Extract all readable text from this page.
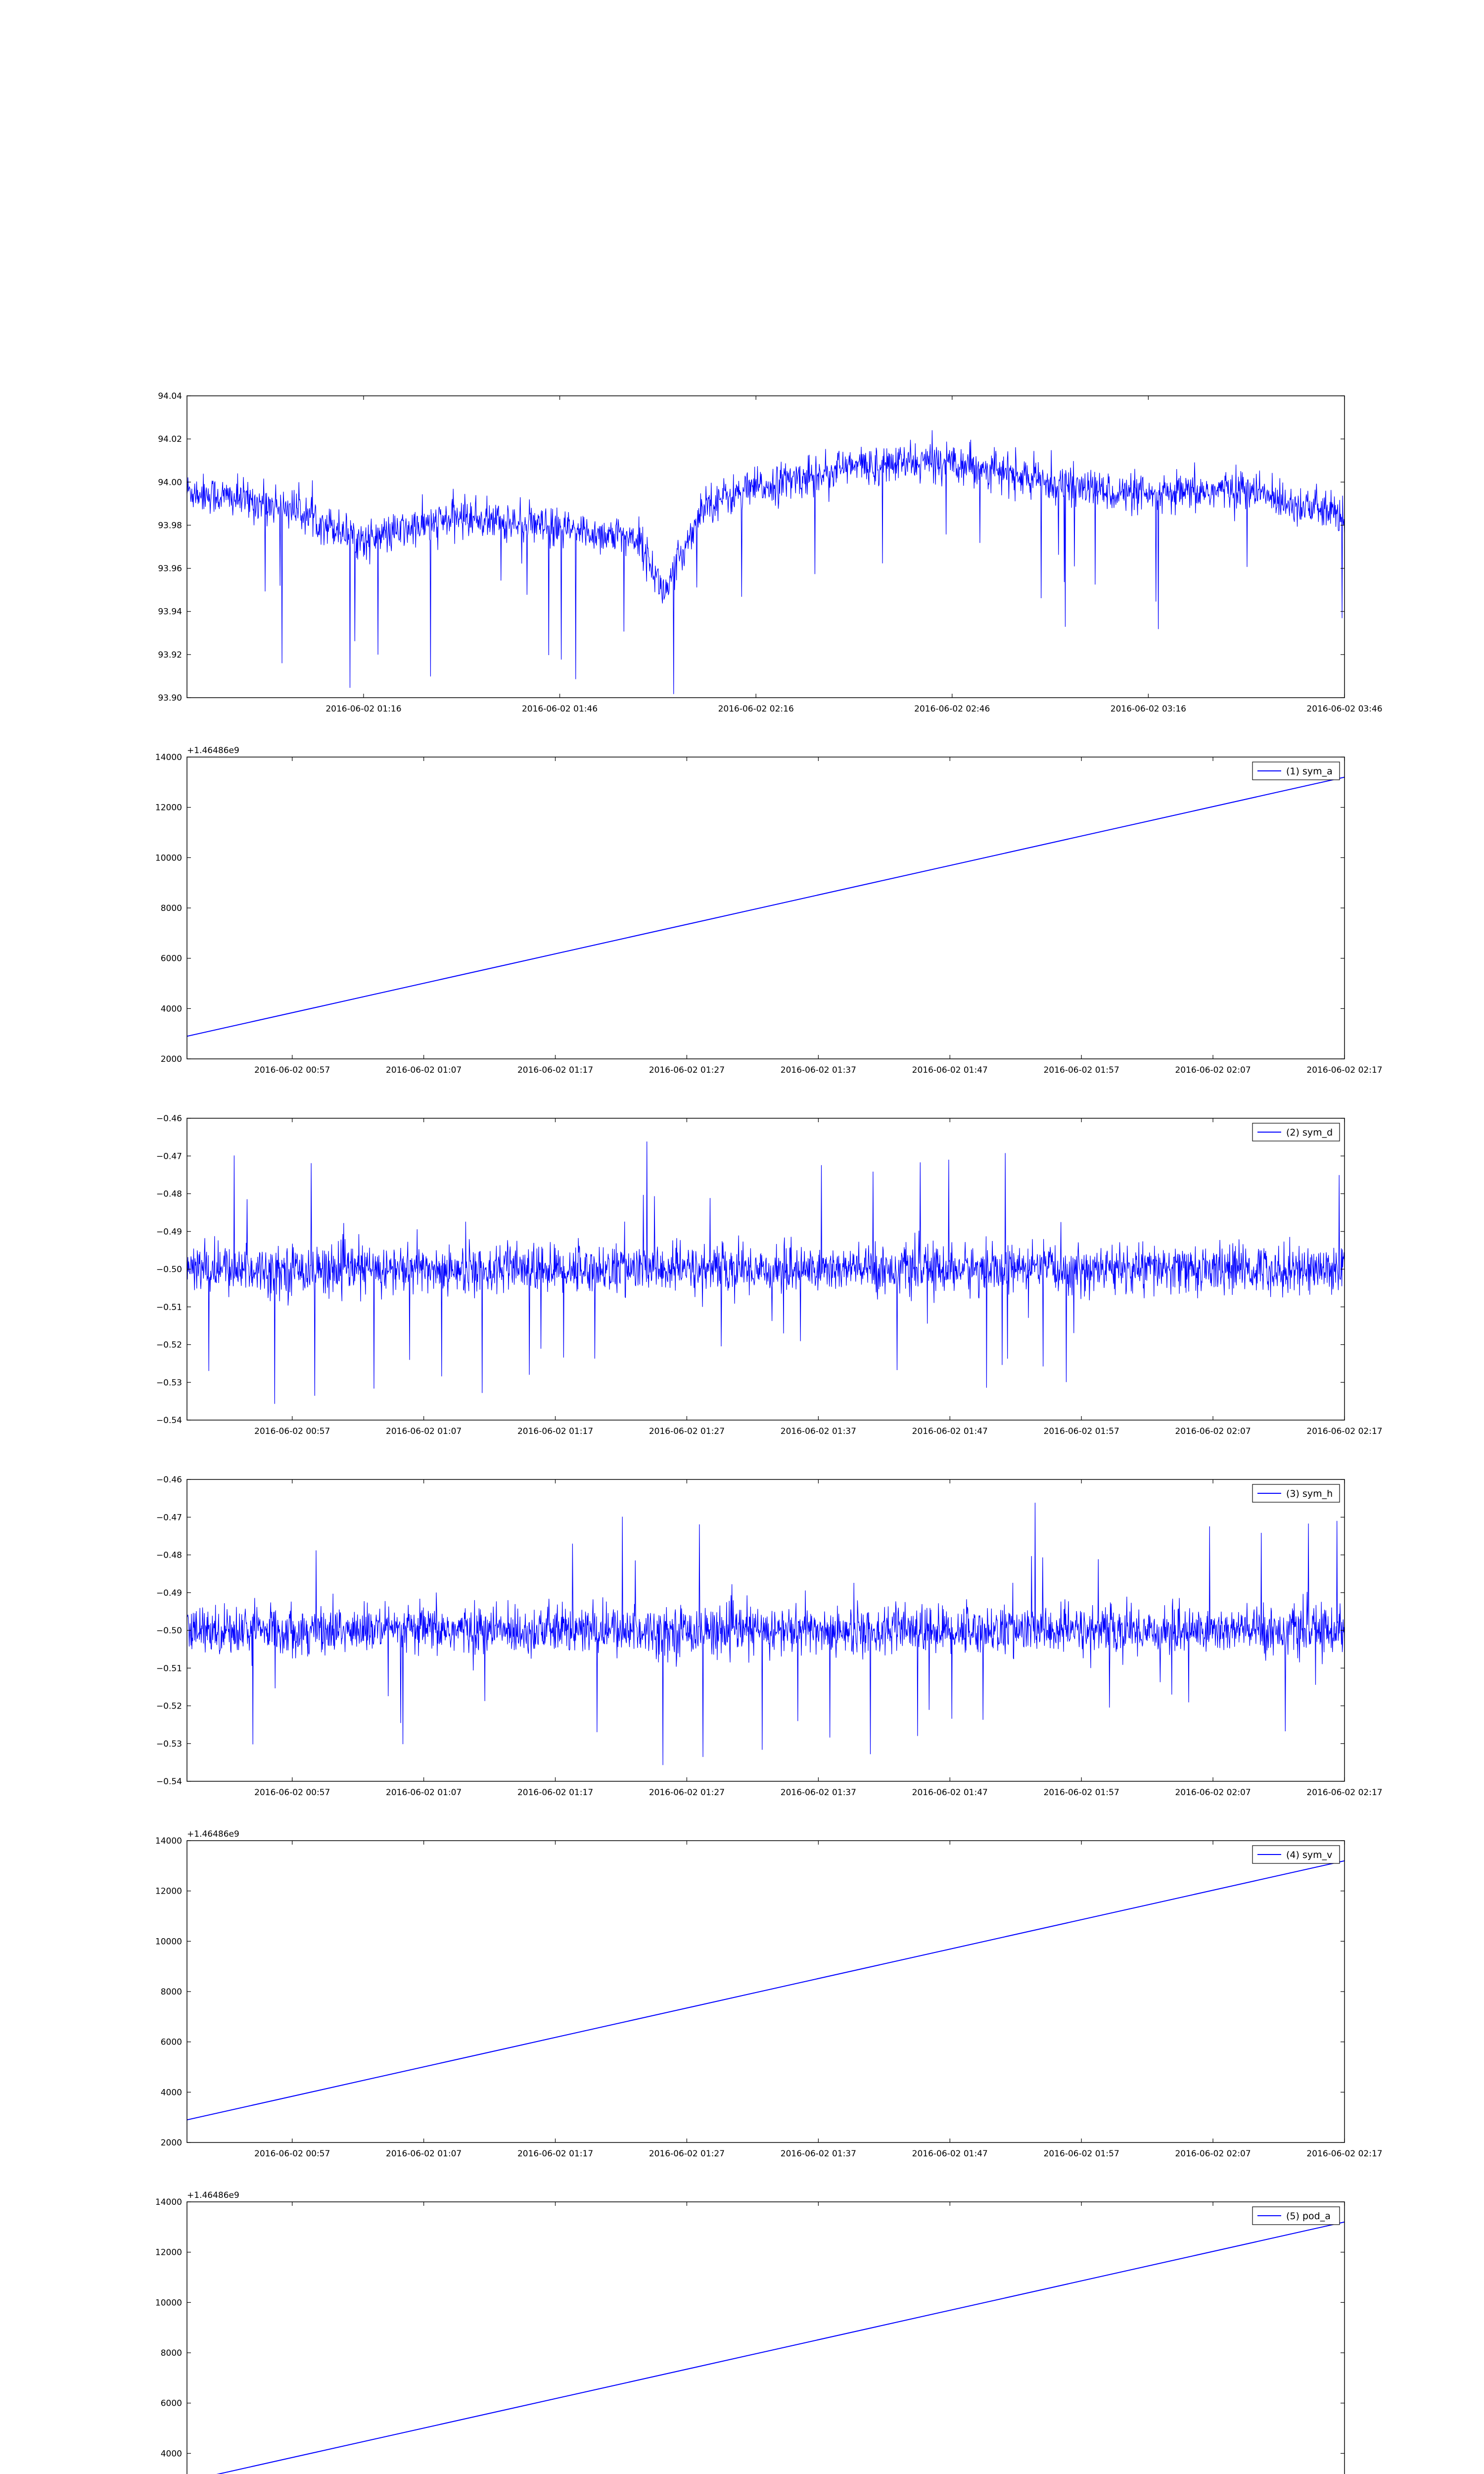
93.90
93.92
93.94
93.96
93.98
94.00
94.02
94.04
2016-06-02 01:16	2016-06-02 01:46	2016-06-02 02:16	2016-06-02 02:46	2016-06-02 03:16	2016-06-02 03:46
2000
4000
6000
8000
10000
12000
14000
2016-06-02 00:57	2016-06-02 01:07	2016-06-02 01:17	2016-06-02 01:27	2016-06-02 01:37	2016-06-02 01:47	2016-06-02 01:57	2016-06-02 02:07	2016-06-02 02:17
+1.46486e9
(1) sym_a
−0.54
−0.53
−0.52
−0.51
−0.50
−0.49
−0.48
−0.47
−0.46
2016-06-02 00:57	2016-06-02 01:07	2016-06-02 01:17	2016-06-02 01:27	2016-06-02 01:37	2016-06-02 01:47	2016-06-02 01:57	2016-06-02 02:07	2016-06-02 02:17
(2) sym_d
−0.54
−0.53
−0.52
−0.51
−0.50
−0.49
−0.48
−0.47
−0.46
2016-06-02 00:57	2016-06-02 01:07	2016-06-02 01:17	2016-06-02 01:27	2016-06-02 01:37	2016-06-02 01:47	2016-06-02 01:57	2016-06-02 02:07	2016-06-02 02:17
(3) sym_h
2000
4000
6000
8000
10000
12000
14000
2016-06-02 00:57	2016-06-02 01:07	2016-06-02 01:17	2016-06-02 01:27	2016-06-02 01:37	2016-06-02 01:47	2016-06-02 01:57	2016-06-02 02:07	2016-06-02 02:17
+1.46486e9
(4) sym_v
4000
6000
8000
10000
12000
14000
+1.46486e9
(5) pod_a
